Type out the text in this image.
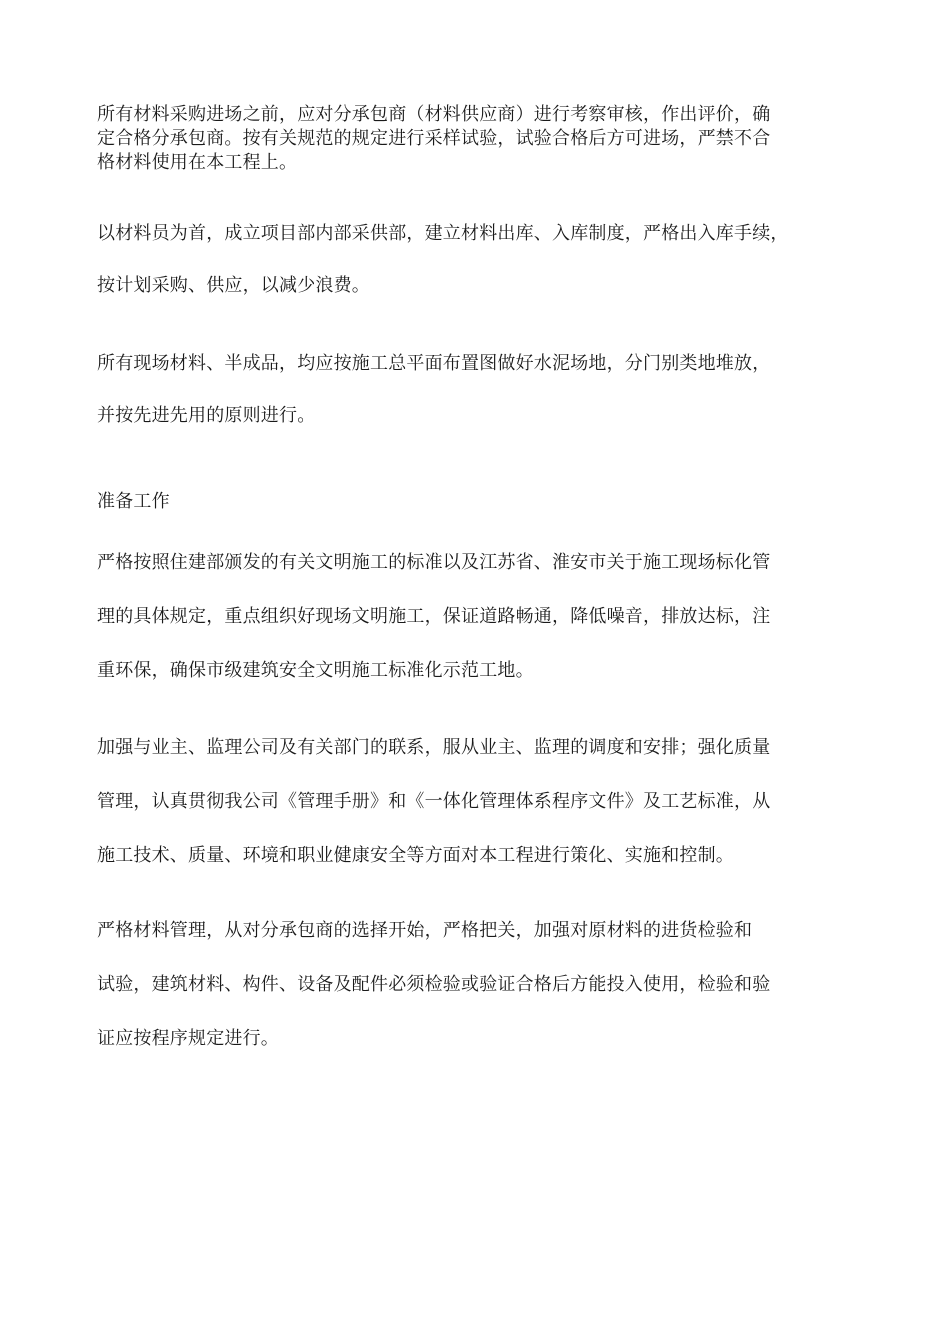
所有材料采购进场之前，应对分承包商（材料供应商）进行考察审核，作出评价，确
定合格分承包商。按有关规范的规定进行采样试验，试验合格后方可进场，严禁不合
格材料使用在本工程上。
以材料员为首，成立项目部内部采供部，建立材料出库、入库制度，严格出入库手续，
按计划采购、供应，以减少浪费。
所有现场材料、半成品，均应按施工总平面布置图做好水泥场地，分门别类地堆放，
并按先进先用的原则进行。
准备工作
严格按照住建部颁发的有关文明施工的标准以及江苏省、淮安市关于施工现场标化管
理的具体规定，重点组织好现场文明施工，保证道路畅通，降低噪音，排放达标，注
重环保，确保市级建筑安全文明施工标准化示范工地。
加强与业主、监理公司及有关部门的联系，服从业主、监理的调度和安排；强化质量
管理，认真贯彻我公司《管理手册》和《一体化管理体系程序文件》及工艺标准，从
施工技术、质量、环境和职业健康安全等方面对本工程进行策化、实施和控制。
严格材料管理，从对分承包商的选择开始，严格把关，加强对原材料的进货检验和
试验，建筑材料、构件、设备及配件必须检验或验证合格后方能投入使用，检验和验
证应按程序规定进行。
